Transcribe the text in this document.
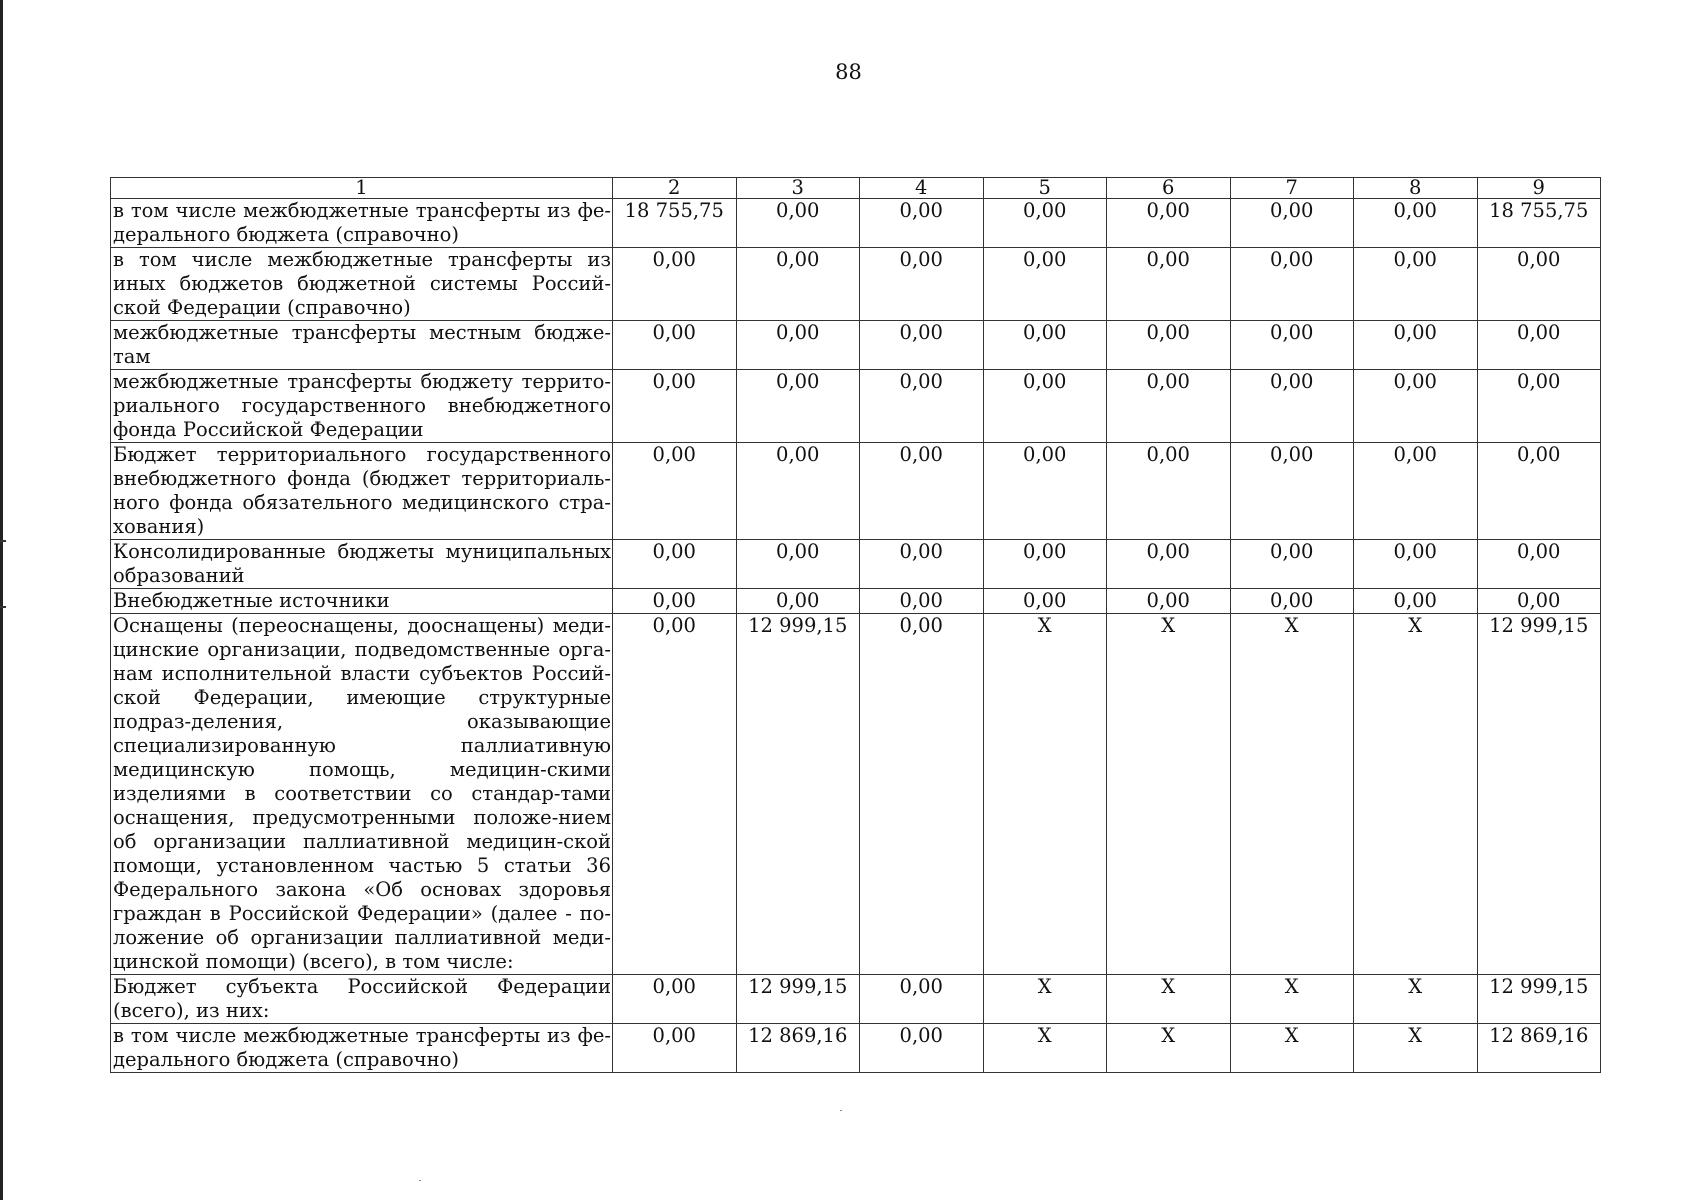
88
1	2	3	4	5	6	7	8	9
в том числе межбюджетные трансферты из фе-дерального бюджета (справочно)	18 755,75	0,00	0,00	0,00	0,00	0,00	0,00	18 755,75
в том числе межбюджетные трансферты из иных бюджетов бюджетной системы Россий-ской Федерации (справочно)	0,00	0,00	0,00	0,00	0,00	0,00	0,00	0,00
межбюджетные трансферты местным бюдже-там	0,00	0,00	0,00	0,00	0,00	0,00	0,00	0,00
межбюджетные трансферты бюджету террито-риального государственного внебюджетного фонда Российской Федерации	0,00	0,00	0,00	0,00	0,00	0,00	0,00	0,00
Бюджет территориального государственного внебюджетного фонда (бюджет территориаль-ного фонда обязательного медицинского стра-хования)	0,00	0,00	0,00	0,00	0,00	0,00	0,00	0,00
Консолидированные бюджеты муниципальных образований	0,00	0,00	0,00	0,00	0,00	0,00	0,00	0,00
Внебюджетные источники	0,00	0,00	0,00	0,00	0,00	0,00	0,00	0,00
Оснащены (переоснащены, дооснащены) меди-цинские организации, подведомственные орга-нам исполнительной власти субъектов Россий-ской Федерации, имеющие структурные подраз-деления, оказывающие специализированную паллиативную медицинскую помощь, медицин-скими изделиями в соответствии со стандар-тами оснащения, предусмотренными положе-нием об организации паллиативной медицин-ской помощи, установленном частью 5 статьи 36 Федерального закона «Об основах здоровья граждан в Российской Федерации» (далее - по-ложение об организации паллиативной меди-цинской помощи) (всего), в том числе:	0,00	12 999,15	0,00	X	X	X	X	12 999,15
Бюджет субъекта Российской Федерации (всего), из них:	0,00	12 999,15	0,00	X	X	X	X	12 999,15
в том числе межбюджетные трансферты из фе-дерального бюджета (справочно)	0,00	12 869,16	0,00	X	X	X	X	12 869,16
